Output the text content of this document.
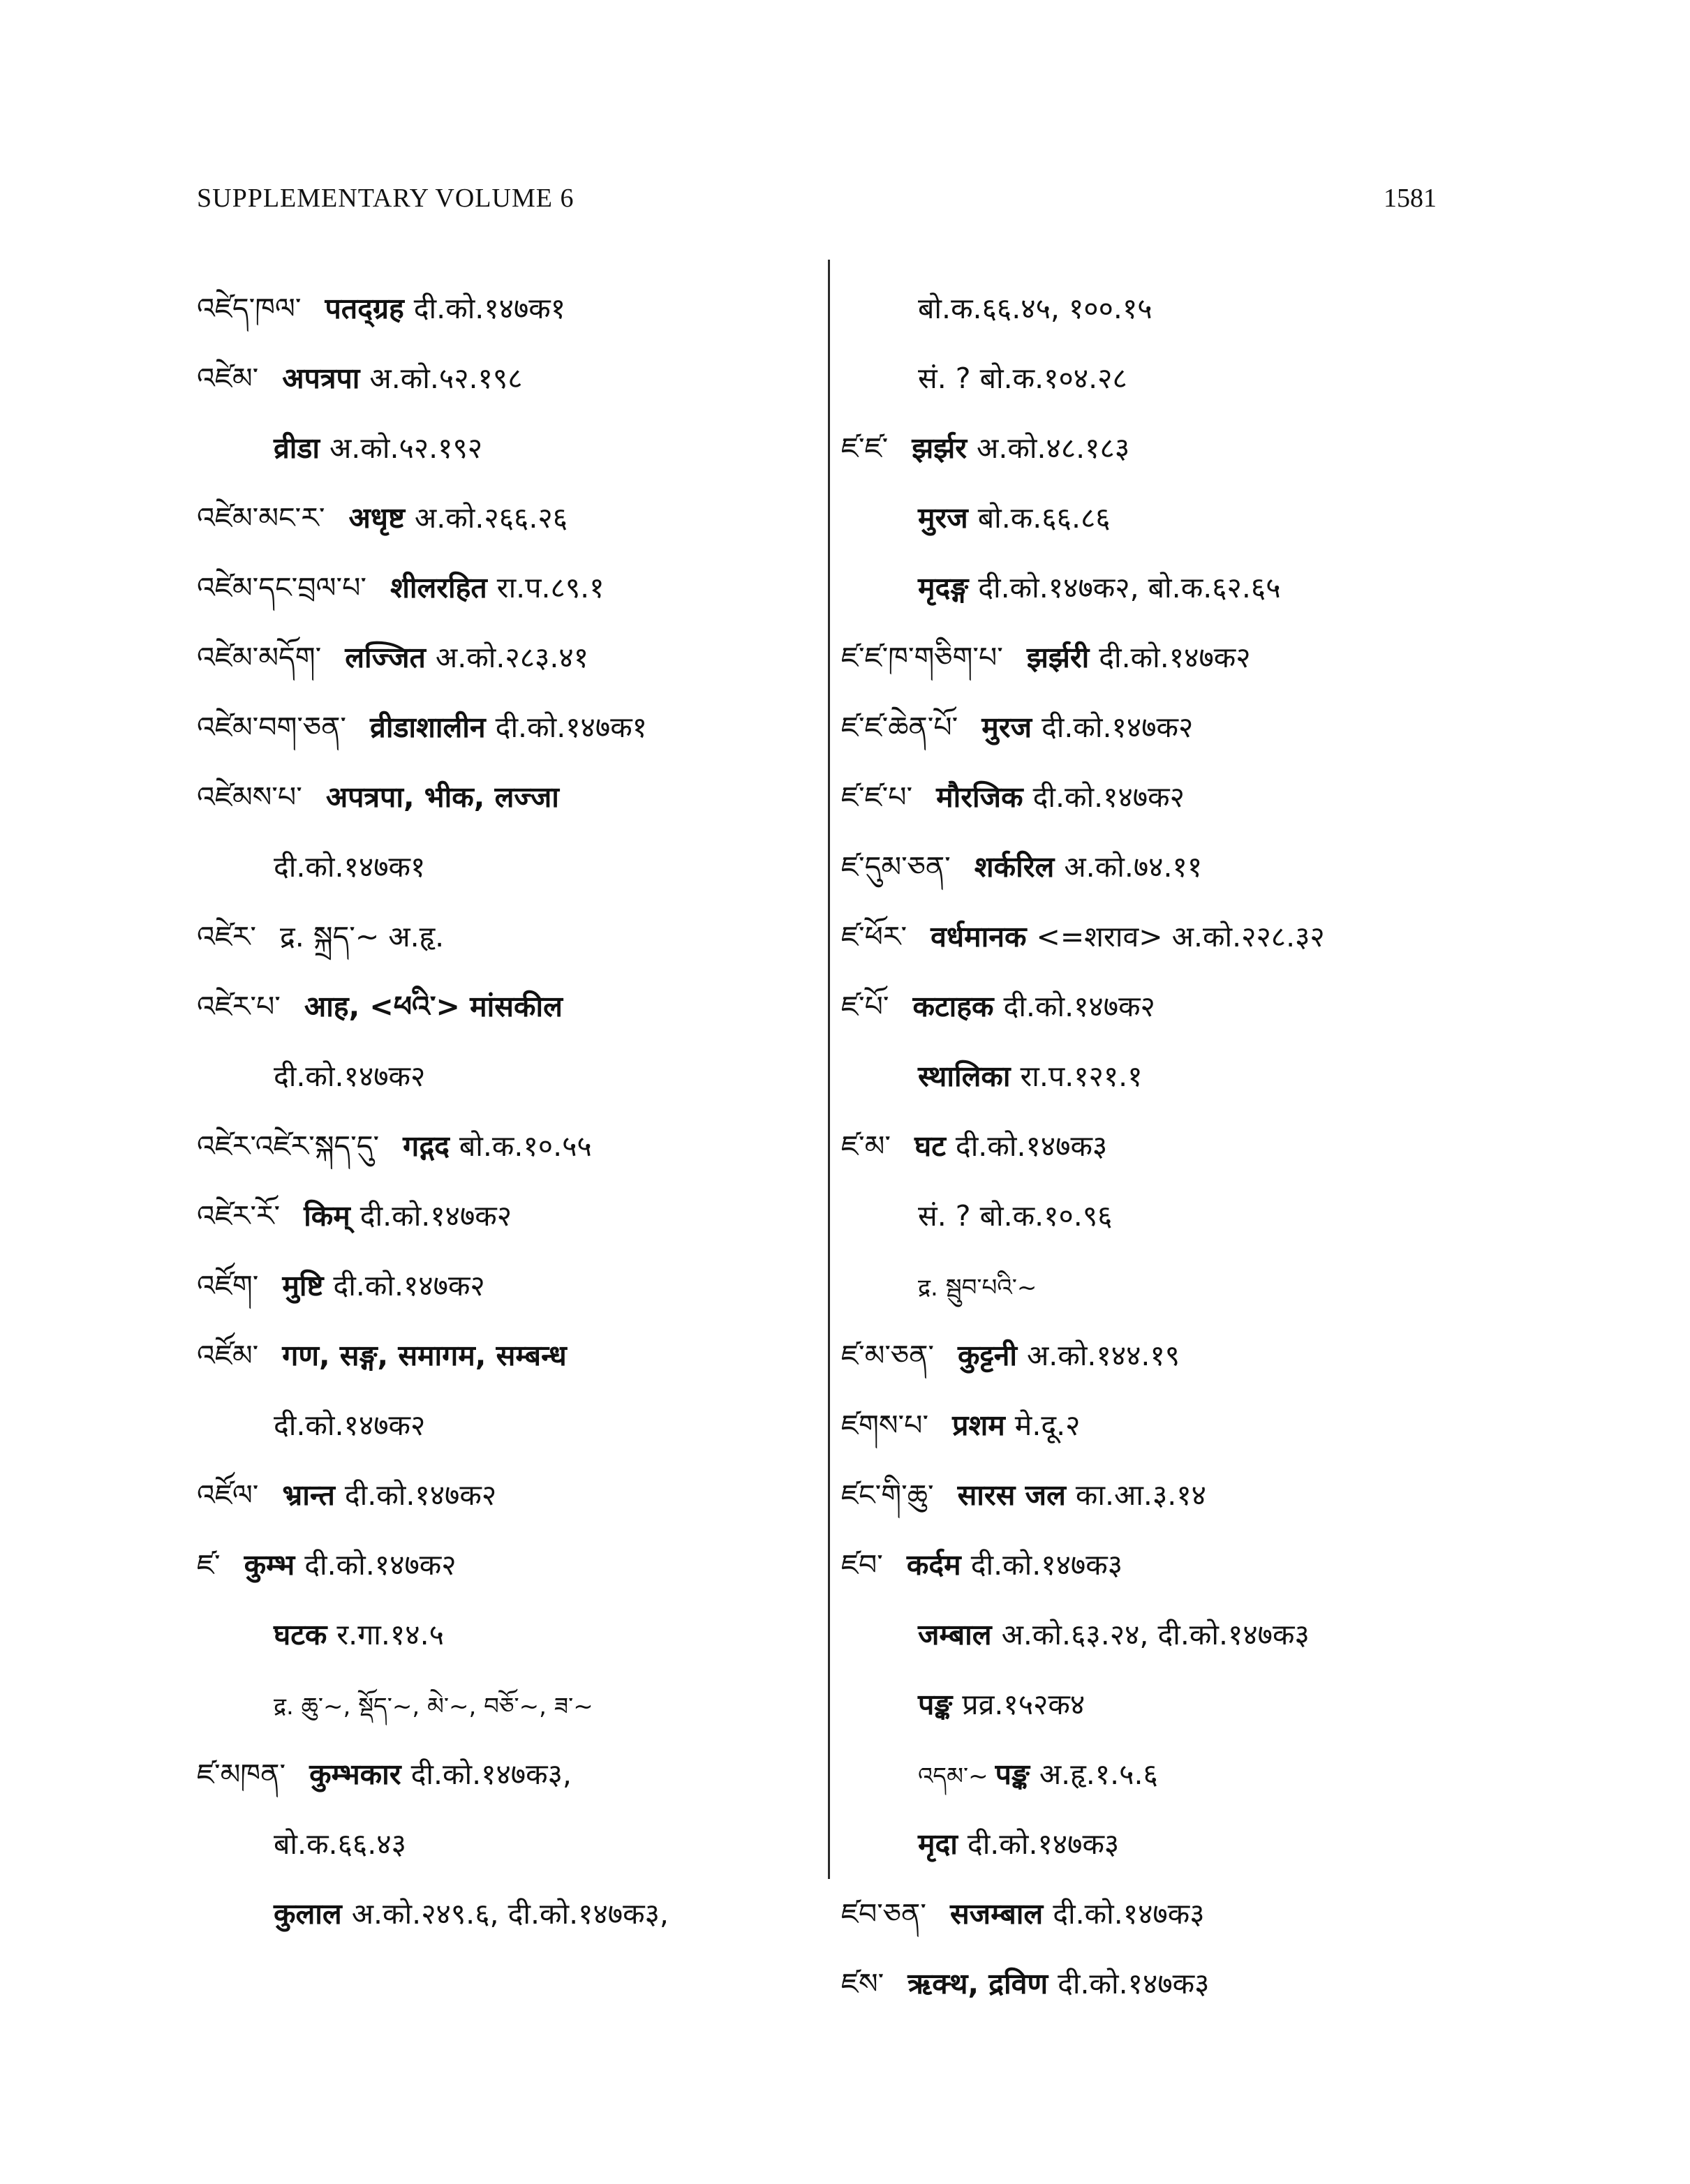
SUPPLEMENTARY VOLUME 6	1581
འཛེད་ཁལ་ पतद्ग्रह दी.को.१४७क१
འཛེམ་ अपत्रपा अ.को.५२.१९८
व्रीडा अ.को.५२.१९२
འཛེམ་མང་ར་ अधृष्ट अ.को.२६६.२६
འཛེམ་དང་བྲལ་པ་ शीलरहित रा.प.८९.१
འཛེམ་མདོག་ लज्जित अ.को.२८३.४१
འཛེམ་བག་ཅན་ व्रीडाशालीन दी.को.१४७क१
འཛེམས་པ་ अपत्रपा, भीक, लज्जा
दी.को.१४७क१
འཛེར་ द्र. སྐྲད་~ अ.हृ.
འཛེར་པ་ आह, <ཕའི་> मांसकील
दी.को.१४७क२
འཛེར་འཛེར་སྐད་དུ་ गद्गद बो.क.१०.५५
འཛེར་རོ་ किम् दी.को.१४७क२
འཛོག་ मुष्टि दी.को.१४७क२
འཛོམ་ गण, सङ्ग, समागम, सम्बन्ध
दी.को.१४७क२
འཛོལ་ भ्रान्त दी.को.१४७क२
ཛ་ कुम्भ दी.को.१४७क२
घटक र.गा.१४.५
द्र. ཆུ་~, སྡོད་~, མེ་~, བཅོ་~, ཟ་~
ཛ་མཁན་ कुम्भकार दी.को.१४७क३,
बो.क.६६.४३
कुलाल अ.को.२४९.६, दी.को.१४७क३,
बो.क.६६.४५, १००.१५
सं. ? बो.क.१०४.२८
ཛ་ཛ་ झर्झर अ.को.४८.१८३
मुरज बो.क.६६.८६
मृदङ्ग दी.को.१४७क२, बो.क.६२.६५
ཛ་ཛ་ཁ་གཅིག་པ་ झर्झरी दी.को.१४७क२
ཛ་ཛ་ཆེན་པོ་ मुरज दी.को.१४७क२
ཛ་ཛ་པ་ मौरजिक दी.को.१४७क२
ཛ་དུམ་ཅན་ शर्करिल अ.को.७४.११
ཛ་ཕོར་ वर्धमानक <=शराव> अ.को.२२८.३२
ཛ་པོ་ कटाहक दी.को.१४७क२
स्थालिका रा.प.१२१.१
ཛ་མ་ घट दी.को.१४७क३
सं. ? बो.क.१०.९६
द्र. སྦུབ་པའི་~
ཛ་མ་ཅན་ कुट्टनी अ.को.१४४.१९
ཛགས་པ་ प्रशम मे.दू.२
ཛང་གི་ཆུ་ सारस जल का.आ.३.१४
ཛབ་ कर्दम दी.को.१४७क३
जम्बाल अ.को.६३.२४, दी.को.१४७क३
पङ्क प्रव्र.१५२क४
འདམ་~ पङ्क अ.हृ.१.५.६
मृदा दी.को.१४७क३
ཛབ་ཅན་ सजम्बाल दी.को.१४७क३
ཛས་ ऋक्थ, द्रविण दी.को.१४७क३
